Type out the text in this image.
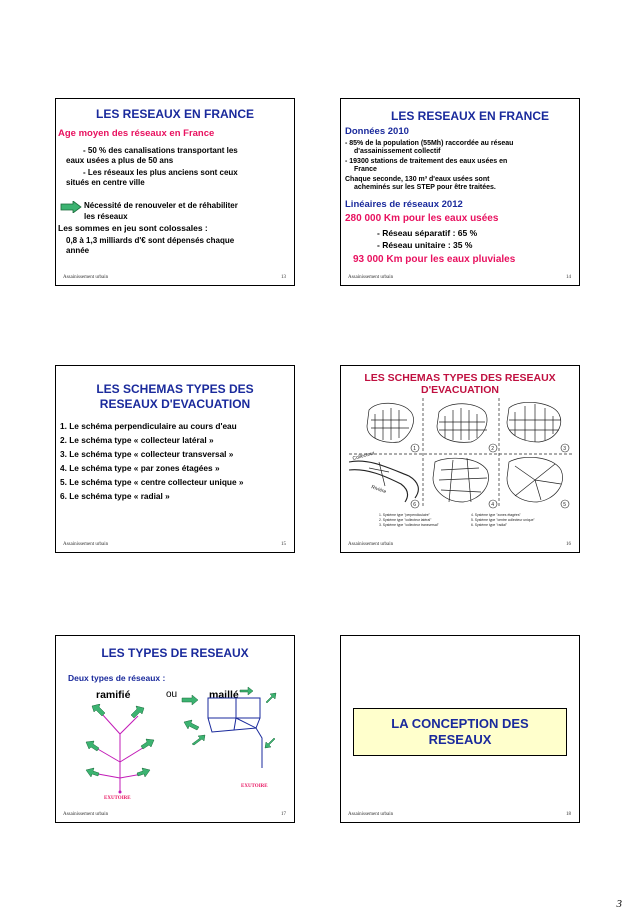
LES RESEAUX EN FRANCE
Age moyen des réseaux en France
- 50 % des canalisations transportant les
eaux usées a plus de 50 ans
- Les réseaux les plus anciens sont ceux
situés en centre ville
Nécessité de renouveler et de réhabiliter
les réseaux
Les sommes en jeu sont colossales :
0,8 à 1,3 milliards d'€ sont dépensés chaque
année
Assainissement urbain	13
LES RESEAUX EN FRANCE
Données 2010
- 85% de la population (55Mh) raccordée au réseau
d'assainissement collectif
- 19300 stations de traitement des eaux usées en
France
Chaque seconde, 130 m³ d'eaux usées sont
acheminés sur les STEP pour être traitées.
Linéaires de réseaux 2012
280 000 Km pour les eaux usées
- Réseau séparatif : 65 %
- Réseau unitaire : 35 %
93 000 Km pour les eaux pluviales
Assainissement urbain	14
LES SCHEMAS TYPES DES
RESEAUX D'EVACUATION
1. Le schéma perpendiculaire au cours d'eau
2. Le schéma type « collecteur latéral »
3. Le schéma type « collecteur transversal »
4. Le schéma type « par zones étagées »
5. Le schéma type « centre collecteur unique »
6. Le schéma type « radial »
Assainissement urbain	15
LES SCHEMAS TYPES DES RESEAUX
D'EVACUATION
1	2	3
6	4	5
Collecteur
Rivière
1. Système type "perpendiculaire"
2. Système type "collecteur latéral"
3. Système type "collecteur transversal"
4. Système type "zones étagées"
5. Système type "centre collecteur unique"
6. Système type "radial"
Assainissement urbain	16
LES TYPES DE RESEAUX
Deux types de réseaux :
ramifié	ou	maillé
EXUTOIRE
EXUTOIRE
Assainissement urbain	17
LA CONCEPTION DES
RESEAUX
Assainissement urbain	18
3
